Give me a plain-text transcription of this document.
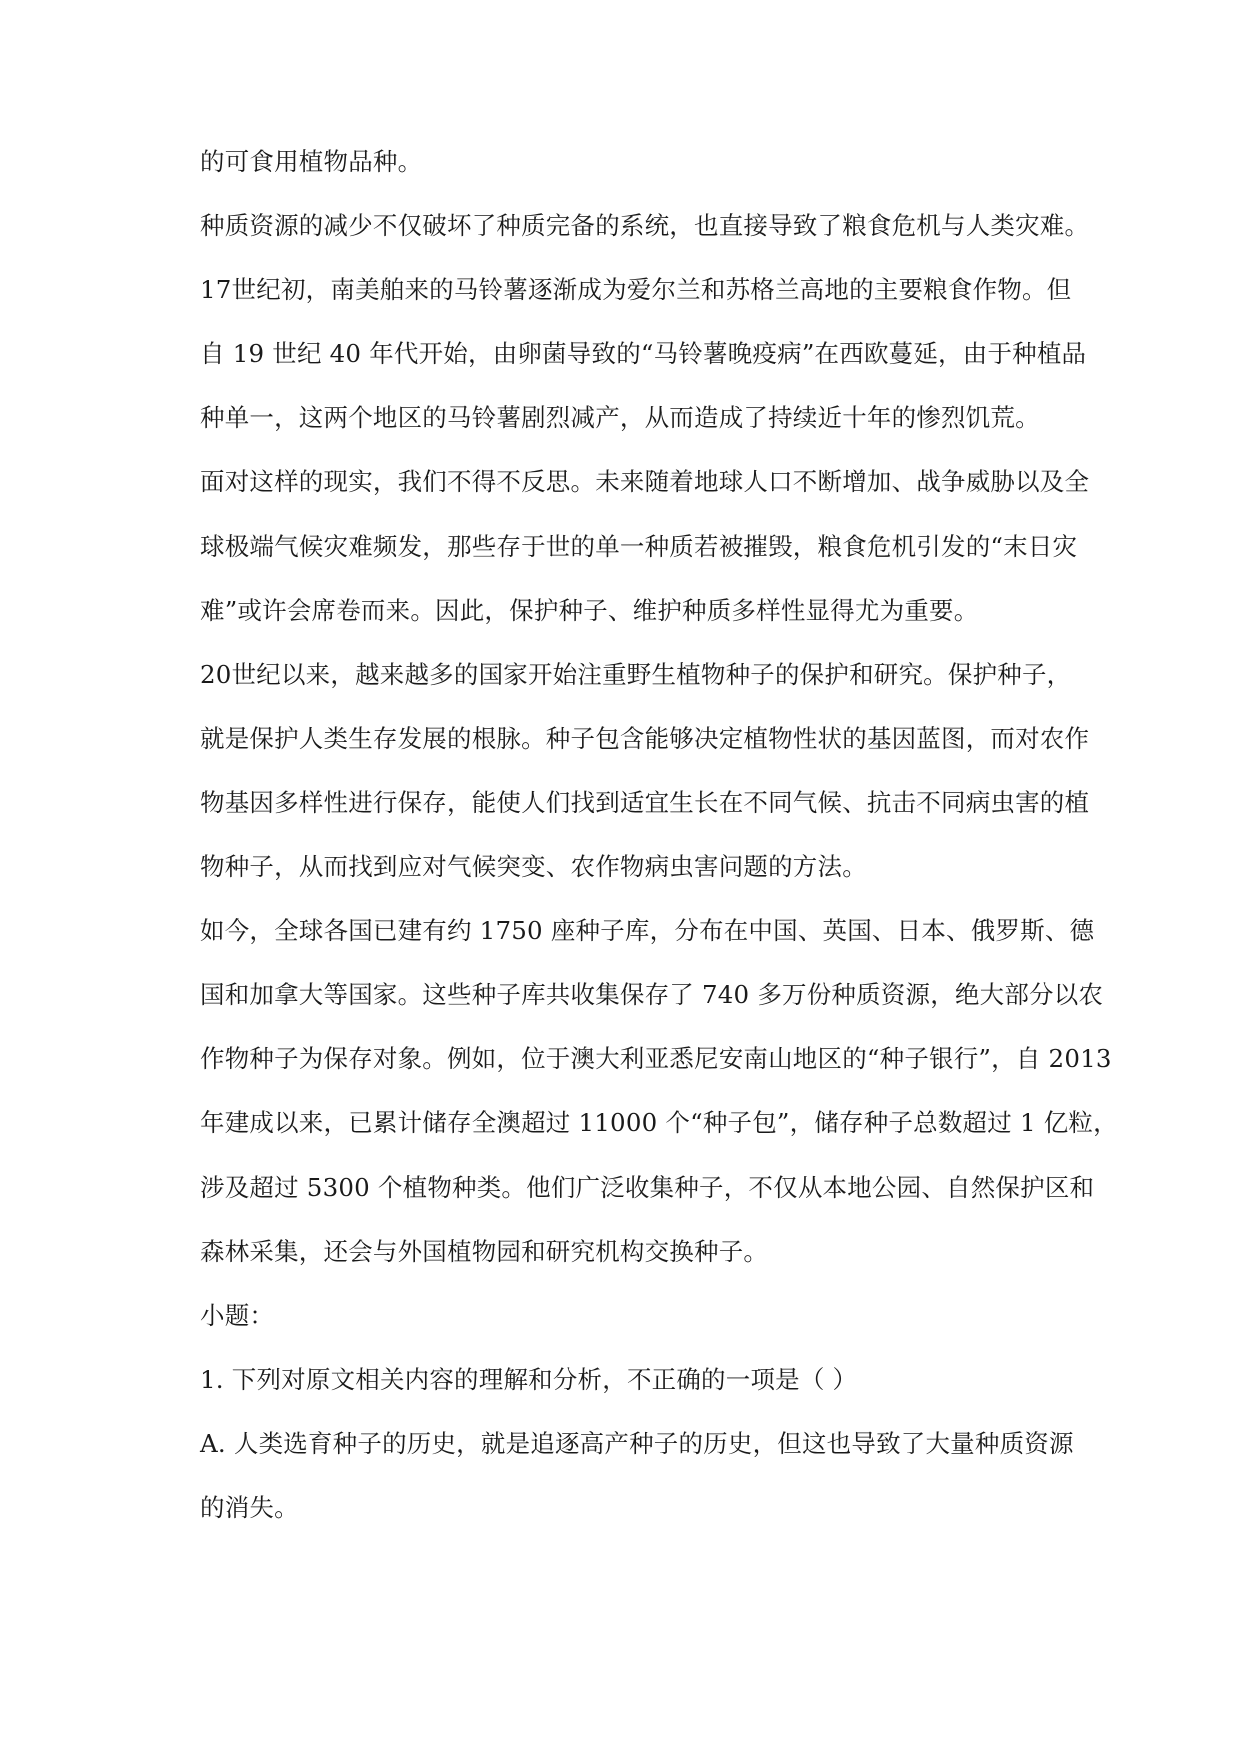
的可食用植物品种。
种质资源的减少不仅破坏了种质完备的系统，也直接导致了粮食危机与人类灾难。
17世纪初，南美舶来的马铃薯逐渐成为爱尔兰和苏格兰高地的主要粮食作物。但
自 19 世纪 40 年代开始，由卵菌导致的“马铃薯晚疫病”在西欧蔓延，由于种植品
种单一，这两个地区的马铃薯剧烈减产，从而造成了持续近十年的惨烈饥荒。
面对这样的现实，我们不得不反思。未来随着地球人口不断增加、战争威胁以及全
球极端气候灾难频发，那些存于世的单一种质若被摧毁，粮食危机引发的“末日灾
难”或许会席卷而来。因此，保护种子、维护种质多样性显得尤为重要。
20世纪以来，越来越多的国家开始注重野生植物种子的保护和研究。保护种子，
就是保护人类生存发展的根脉。种子包含能够决定植物性状的基因蓝图，而对农作
物基因多样性进行保存，能使人们找到适宜生长在不同气候、抗击不同病虫害的植
物种子，从而找到应对气候突变、农作物病虫害问题的方法。
如今，全球各国已建有约 1750 座种子库，分布在中国、英国、日本、俄罗斯、德
国和加拿大等国家。这些种子库共收集保存了 740 多万份种质资源，绝大部分以农
作物种子为保存对象。例如，位于澳大利亚悉尼安南山地区的“种子银行”，自 2013
年建成以来，已累计储存全澳超过 11000 个“种子包”，储存种子总数超过 1 亿粒，
涉及超过 5300 个植物种类。他们广泛收集种子，不仅从本地公园、自然保护区和
森林采集，还会与外国植物园和研究机构交换种子。
小题：
1. 下列对原文相关内容的理解和分析，不正确的一项是（ ）
A. 人类选育种子的历史，就是追逐高产种子的历史，但这也导致了大量种质资源
的消失。
